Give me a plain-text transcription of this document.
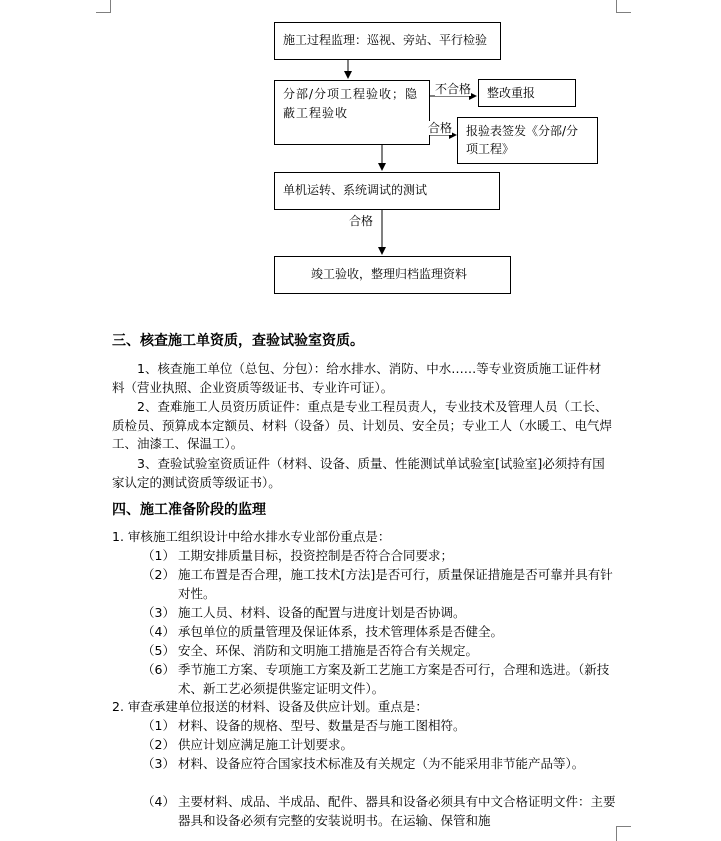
施工过程监理：巡视、旁站、平行检验
分部/分项工程验收；隐蔽工程验收
整改重报
报验表签发《分部/分项工程》
单机运转、系统调试的测试
竣工验收，整理归档监理资料
不合格
合格
合格
三、核查施工单资质，查验试验室资质。
1、核查施工单位（总包、分包）：给水排水、消防、中水……等专业资质施工证件材料（营业执照、企业资质等级证书、专业许可证）。
2、查难施工人员资历质证件：重点是专业工程员责人，专业技术及管理人员（工长、质检员、预算成本定额员、材料（设备）员、计划员、安全员；专业工人（水暖工、电气焊工、油漆工、保温工）。
3、查验试验室资质证件（材料、设备、质量、性能测试单试验室[试验室]必须持有国家认定的测试资质等级证书）。
四、施工准备阶段的监理
1. 审核施工组织设计中给水排水专业部份重点是：
（1） 工期安排质量目标，投资控制是否符合合同要求；
（2） 施工布置是否合理，施工技术[方法]是否可行，质量保证措施是否可靠并具有针对性。
（3） 施工人员、材料、设备的配置与进度计划是否协调。
（4） 承包单位的质量管理及保证体系，技术管理体系是否健全。
（5） 安全、环保、消防和文明施工措施是否符合有关规定。
（6） 季节施工方案、专项施工方案及新工艺施工方案是否可行，合理和选进。（新技术、新工艺必须提供鉴定证明文件）。
2. 审查承建单位报送的材料、设备及供应计划。重点是：
（1） 材料、设备的规格、型号、数量是否与施工图相符。
（2） 供应计划应满足施工计划要求。
（3） 材料、设备应符合国家技术标准及有关规定（为不能采用非节能产品等）。
（4） 主要材料、成品、半成品、配件、器具和设备必须具有中文合格证明文件：主要器具和设备必须有完整的安装说明书。在运输、保管和施
